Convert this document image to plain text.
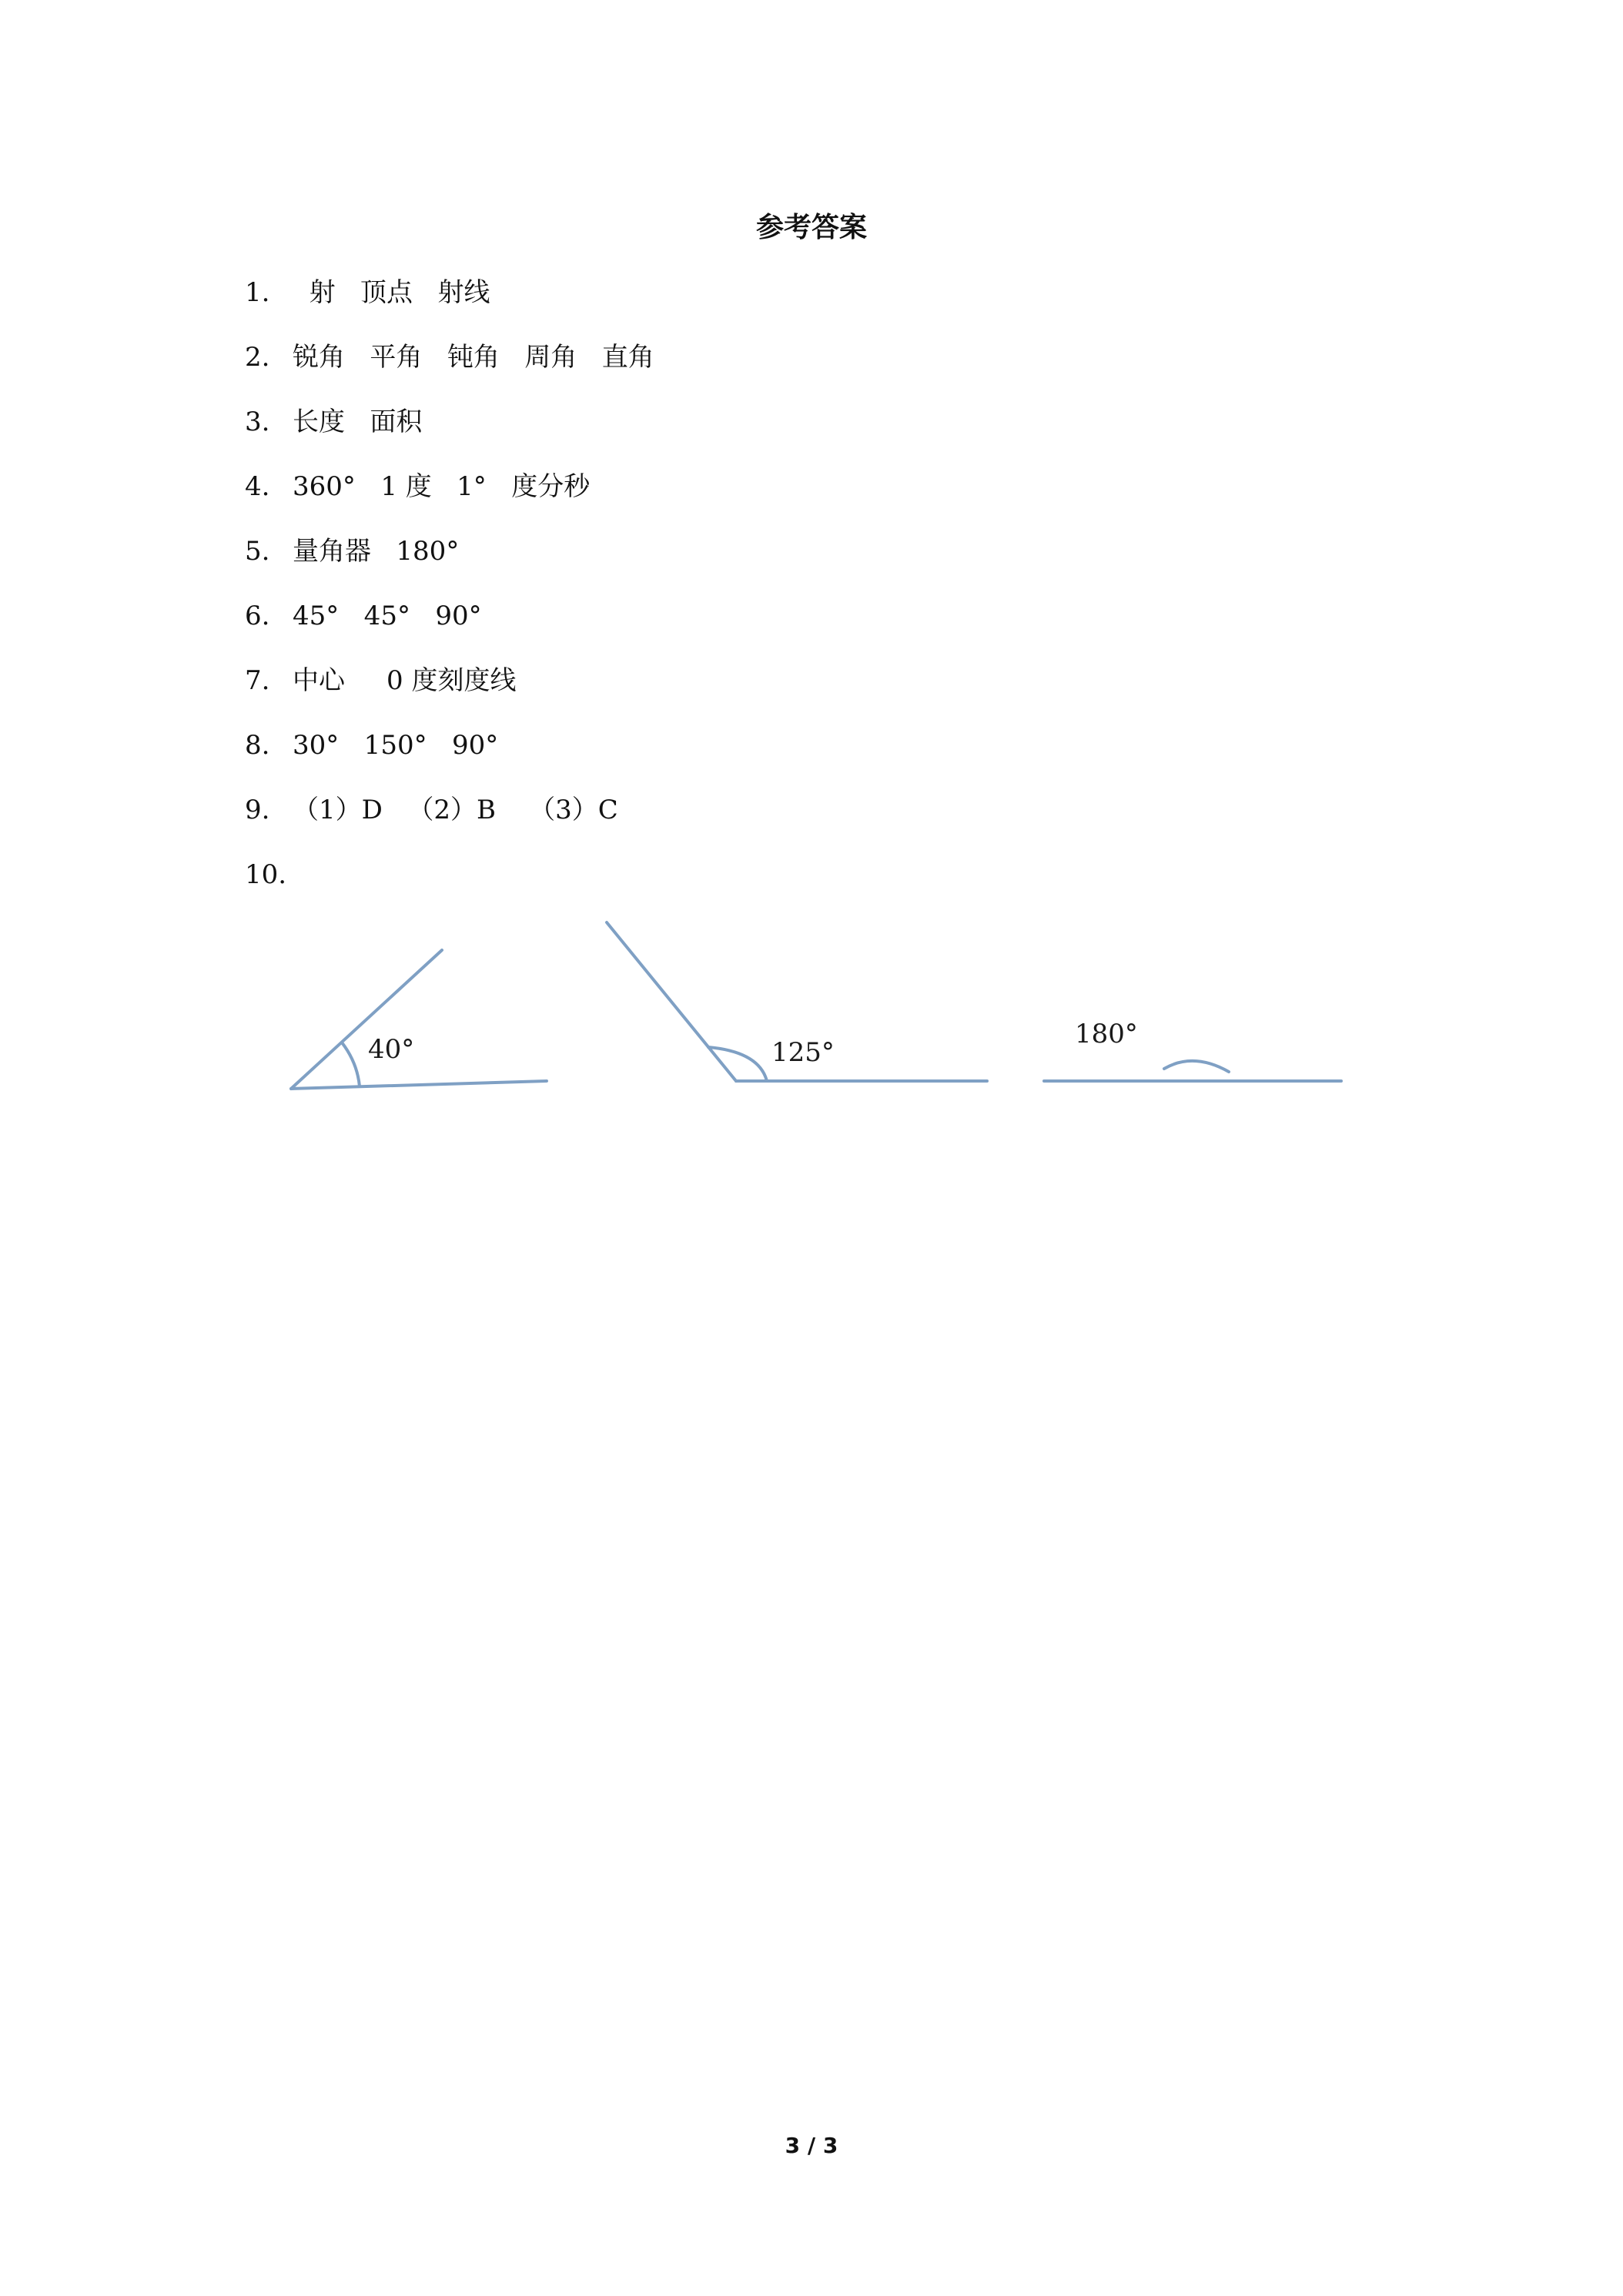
参考答案
1.  射   顶点   射线
2. 锐角   平角   钝角   周角   直角
3. 长度   面积
4. 360°   1 度   1°   度分秒
5. 量角器   180°
6. 45°   45°   90°
7. 中心     0 度刻度线
8. 30°   150°   90°
9. （1）D   （2）B    （3）C
10.
40°	125°
180°
3 / 3
